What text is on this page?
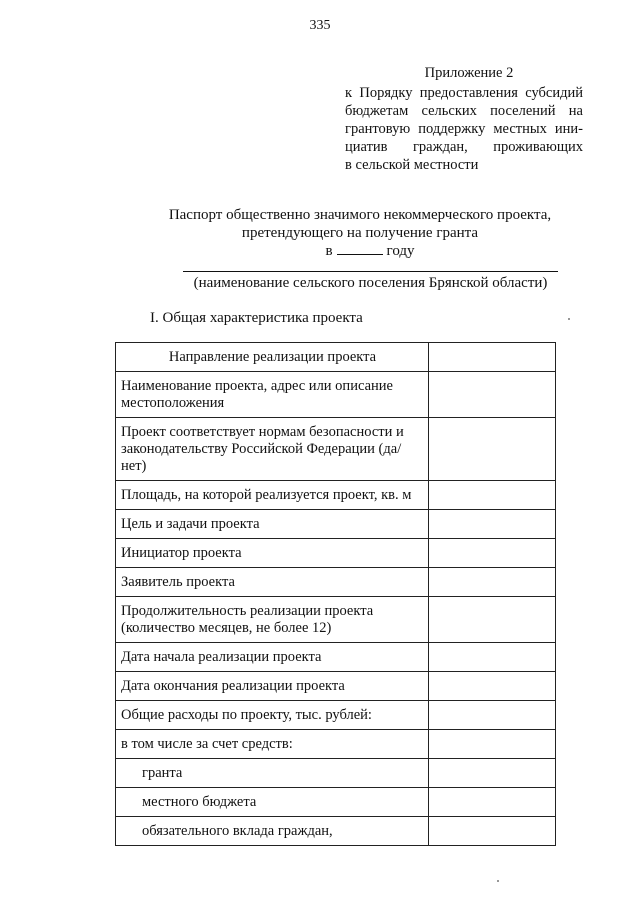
335
Приложение 2
к Порядку предоставления субсидий
бюджетам сельских поселений на
грантовую поддержку местных ини-
циатив граждан, проживающих
в сельской местности
Паспорт общественно значимого некоммерческого проекта,
претендующего на получение гранта
в	году
(наименование сельского поселения Брянской области)
I. Общая характеристика проекта
Направление реализации проекта	
Наименование проекта, адрес или описание местоположения	
Проект соответствует нормам безопасности и законодательству Российской Федерации (да/нет)	
Площадь, на которой реализуется проект, кв. м	
Цель и задачи проекта	
Инициатор проекта	
Заявитель проекта	
Продолжительность реализации проекта (количество месяцев, не более 12)	
Дата начала реализации проекта	
Дата окончания реализации проекта	
Общие расходы по проекту, тыс. рублей:	
в том числе за счет средств:	
гранта	
местного бюджета	
обязательного вклада граждан,	
